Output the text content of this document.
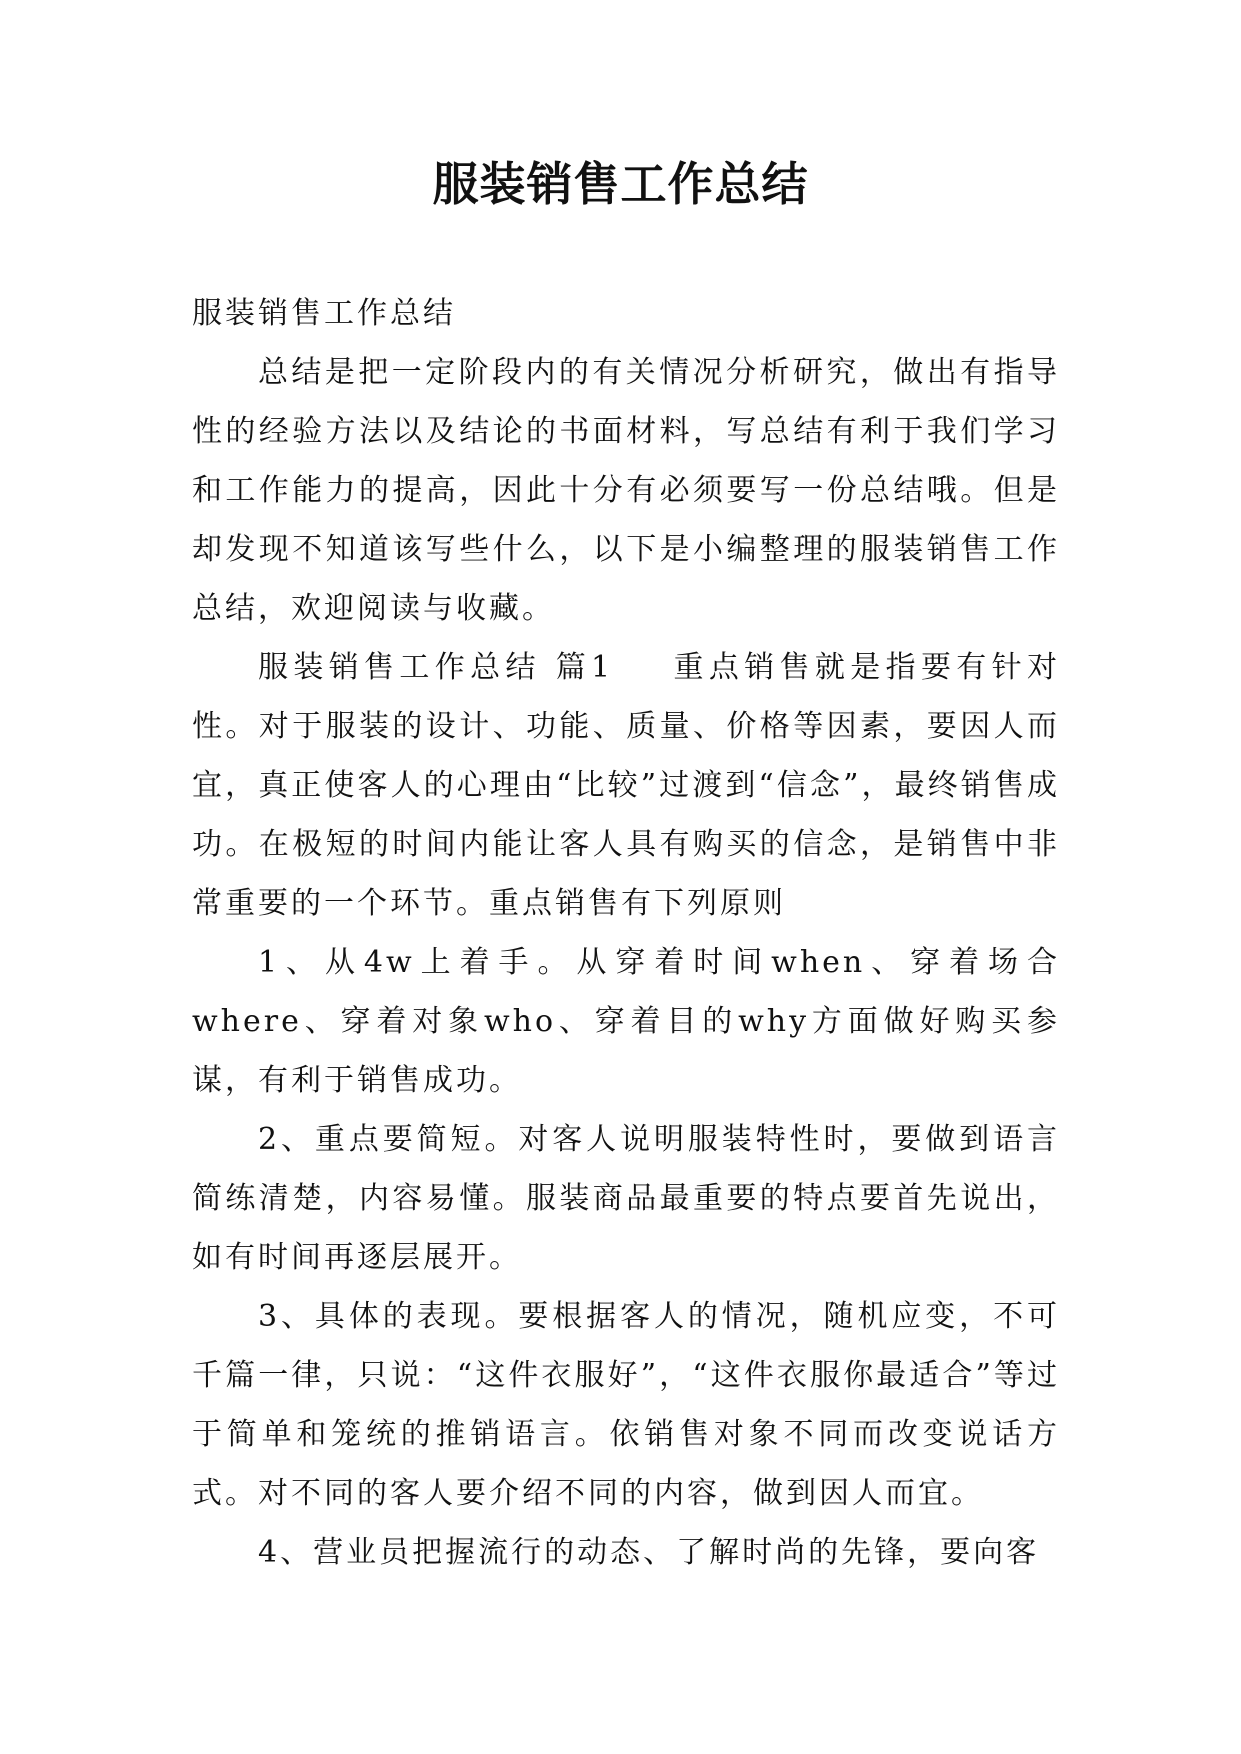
服装销售工作总结

服装销售工作总结

总结是把一定阶段内的有关情况分析研究，做出有指导性的经验方法以及结论的书面材料，写总结有利于我们学习和工作能力的提高，因此十分有必须要写一份总结哦。但是却发现不知道该写些什么，以下是小编整理的服装销售工作总结，欢迎阅读与收藏。

服装销售工作总结 篇1 重点销售就是指要有针对性。对于服装的设计、功能、质量、价格等因素，要因人而宜，真正使客人的心理由“比较”过渡到“信念”，最终销售成功。在极短的时间内能让客人具有购买的信念，是销售中非常重要的一个环节。重点销售有下列原则

1、从4w上着手。从穿着时间when、穿着场合where、穿着对象who、穿着目的why方面做好购买参谋，有利于销售成功。

2、重点要简短。对客人说明服装特性时，要做到语言简练清楚，内容易懂。服装商品最重要的特点要首先说出，如有时间再逐层展开。

3、具体的表现。要根据客人的情况，随机应变，不可千篇一律，只说：“这件衣服好”，“这件衣服你最适合”等过于简单和笼统的推销语言。依销售对象不同而改变说话方式。对不同的客人要介绍不同的内容，做到因人而宜。

4、营业员把握流行的动态、了解时尚的先锋，要向客
